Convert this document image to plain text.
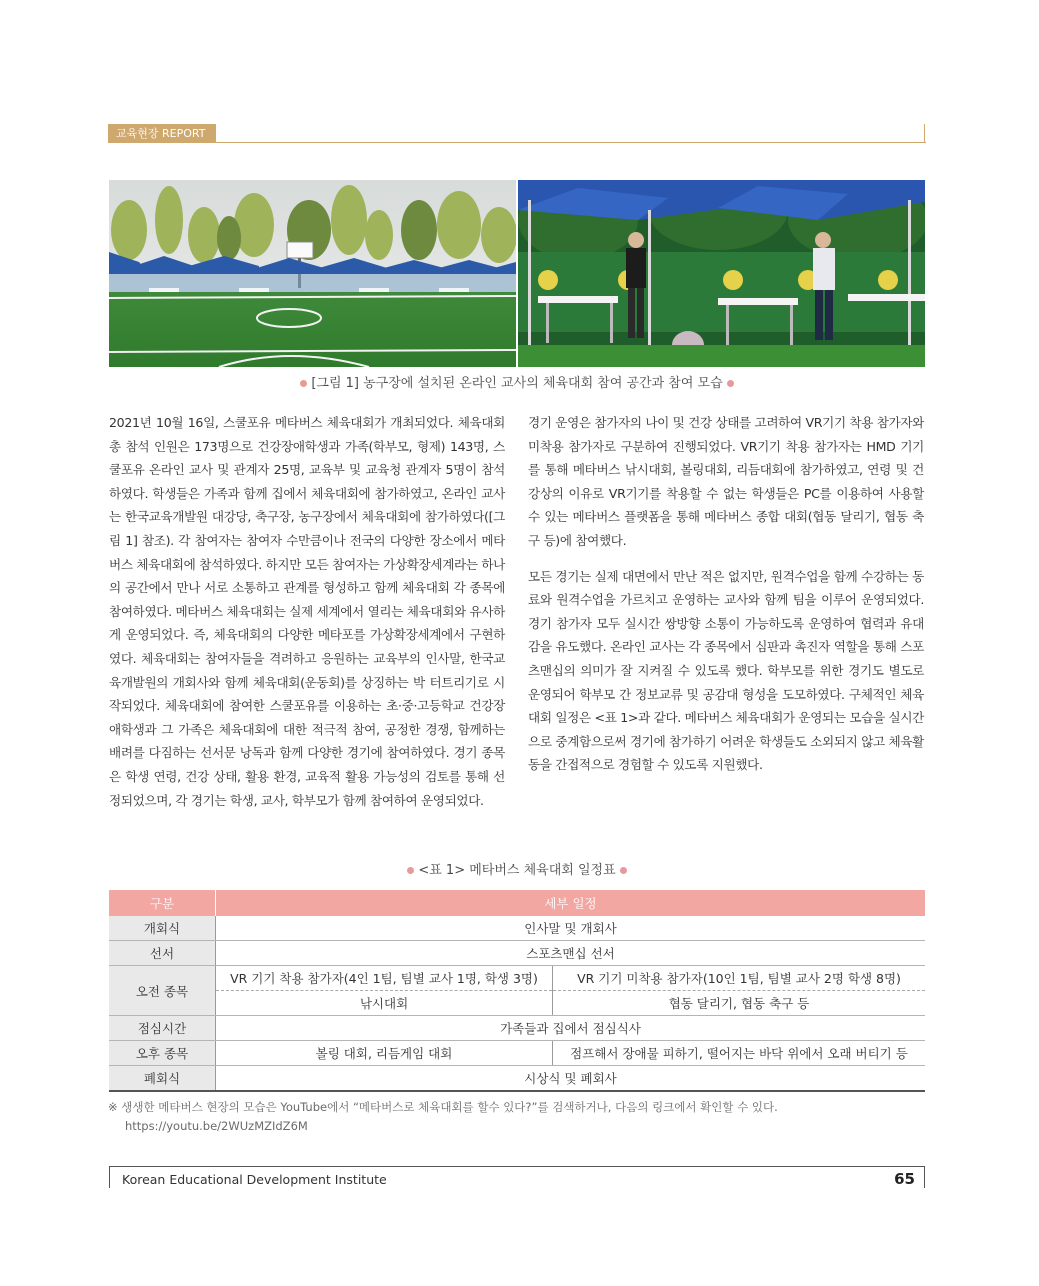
교육현장 REPORT
[그림 1] 농구장에 설치된 온라인 교사의 체육대회 참여 공간과 참여 모습

2021년 10월 16일, 스쿨포유 메타버스 체육대회가 개최되었다. 체육대회 총 참석 인원은 173명으로 건강장애학생과 가족(학부모, 형제) 143명, 스쿨포유 온라인 교사 및 관계자 25명, 교육부 및 교육청 관계자 5명이 참석하였다. 학생들은 가족과 함께 집에서 체육대회에 참가하였고, 온라인 교사는 한국교육개발원 대강당, 축구장, 농구장에서 체육대회에 참가하였다([그림 1] 참조). 각 참여자는 참여자 수만큼이나 전국의 다양한 장소에서 메타버스 체육대회에 참석하였다. 하지만 모든 참여자는 가상확장세계라는 하나의 공간에서 만나 서로 소통하고 관계를 형성하고 함께 체육대회 각 종목에 참여하였다. 메타버스 체육대회는 실제 세계에서 열리는 체육대회와 유사하게 운영되었다. 즉, 체육대회의 다양한 메타포를 가상확장세계에서 구현하였다. 체육대회는 참여자들을 격려하고 응원하는 교육부의 인사말, 한국교육개발원의 개회사와 함께 체육대회(운동회)를 상징하는 박 터트리기로 시작되었다. 체육대회에 참여한 스쿨포유를 이용하는 초·중·고등학교 건강장애학생과 그 가족은 체육대회에 대한 적극적 참여, 공정한 경쟁, 함께하는 배려를 다짐하는 선서문 낭독과 함께 다양한 경기에 참여하였다. 경기 종목은 학생 연령, 건강 상태, 활용 환경, 교육적 활용 가능성의 검토를 통해 선정되었으며, 각 경기는 학생, 교사, 학부모가 함께 참여하여 운영되었다.

경기 운영은 참가자의 나이 및 건강 상태를 고려하여 VR기기 착용 참가자와 미착용 참가자로 구분하여 진행되었다. VR기기 착용 참가자는 HMD 기기를 통해 메타버스 낚시대회, 볼링대회, 리듬대회에 참가하였고, 연령 및 건강상의 이유로 VR기기를 착용할 수 없는 학생들은 PC를 이용하여 사용할 수 있는 메타버스 플랫폼을 통해 메타버스 종합 대회(협동 달리기, 협동 축구 등)에 참여했다.

모든 경기는 실제 대면에서 만난 적은 없지만, 원격수업을 함께 수강하는 동료와 원격수업을 가르치고 운영하는 교사와 함께 팀을 이루어 운영되었다. 경기 참가자 모두 실시간 쌍방향 소통이 가능하도록 운영하여 협력과 유대감을 유도했다. 온라인 교사는 각 종목에서 심판과 촉진자 역할을 통해 스포츠맨십의 의미가 잘 지켜질 수 있도록 했다. 학부모를 위한 경기도 별도로 운영되어 학부모 간 정보교류 및 공감대 형성을 도모하였다. 구체적인 체육대회 일정은 <표 1>과 같다. 메타버스 체육대회가 운영되는 모습을 실시간으로 중계함으로써 경기에 참가하기 어려운 학생들도 소외되지 않고 체육활동을 간접적으로 경험할 수 있도록 지원했다.

<표 1> 메타버스 체육대회 일정표
구분	세부 일정	
개회식	인사말 및 개회사	
선서	스포츠맨십 선서	
오전 종목	VR 기기 착용 참가자(4인 1팀, 팀별 교사 1명, 학생 3명)	VR 기기 미착용 참가자(10인 1팀, 팀별 교사 2명 학생 8명)
	낚시대회	협동 달리기, 협동 축구 등
점심시간	가족들과 집에서 점심식사	
오후 종목	볼링 대회, 리듬게임 대회	점프해서 장애물 피하기, 떨어지는 바닥 위에서 오래 버티기 등
폐회식	시상식 및 폐회사	
※ 생생한 메타버스 현장의 모습은 YouTube에서 “메타버스로 체육대회를 할수 있다?”를 검색하거나, 다음의 링크에서 확인할 수 있다.
https://youtu.be/2WUzMZIdZ6M
Korean Educational Development Institute	65
